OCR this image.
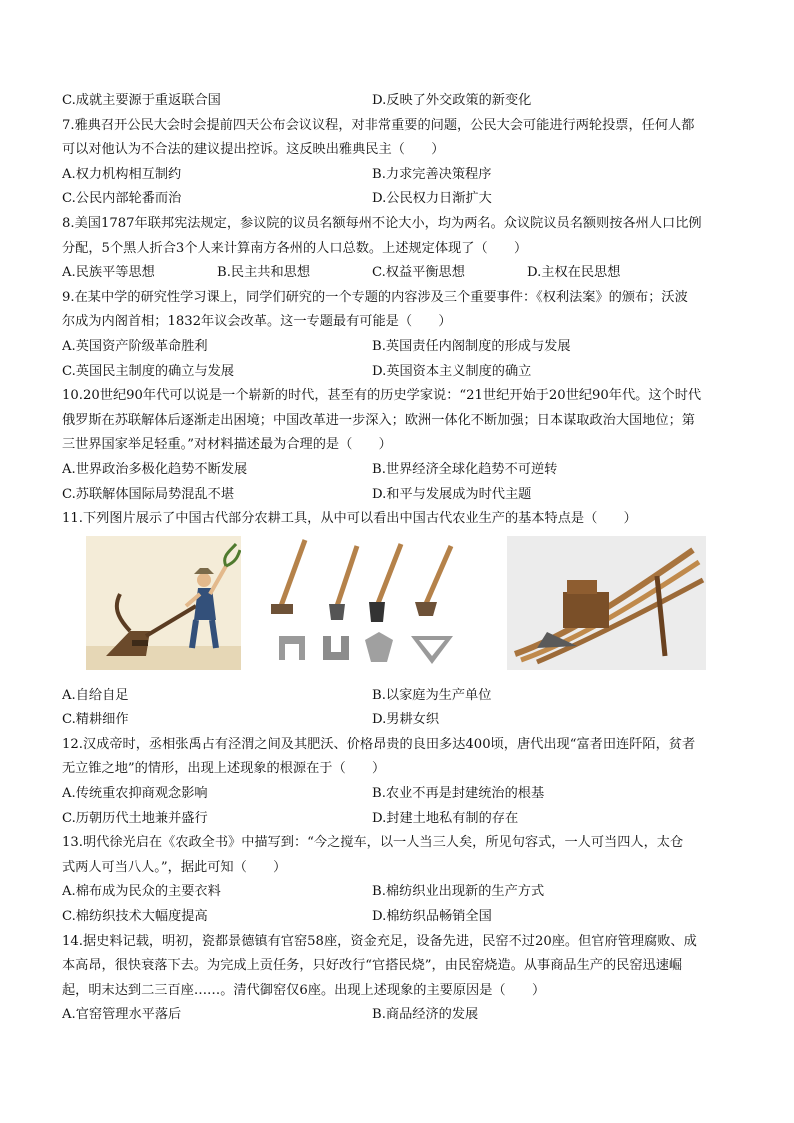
C.成就主要源于重返联合国	D.反映了外交政策的新变化
7.雅典召开公民大会时会提前四天公布会议议程，对非常重要的问题，公民大会可能进行两轮投票，任何人都
可以对他认为不合法的建议提出控诉。这反映出雅典民主（　　）
A.权力机构相互制约	B.力求完善决策程序
C.公民内部轮番而治	D.公民权力日渐扩大
8.美国1787年联邦宪法规定，参议院的议员名额每州不论大小，均为两名。众议院议员名额则按各州人口比例
分配，5个黑人折合3个人来计算南方各州的人口总数。上述规定体现了（　　）
A.民族平等思想	B.民主共和思想	C.权益平衡思想	D.主权在民思想
9.在某中学的研究性学习课上，同学们研究的一个专题的内容涉及三个重要事件：《权利法案》的颁布；沃波
尔成为内阁首相；1832年议会改革。这一专题最有可能是（　　）
A.英国资产阶级革命胜利	B.英国责任内阁制度的形成与发展
C.英国民主制度的确立与发展	D.英国资本主义制度的确立
10.20世纪90年代可以说是一个崭新的时代，甚至有的历史学家说：“21世纪开始于20世纪90年代。这个时代
俄罗斯在苏联解体后逐渐走出困境；中国改革进一步深入；欧洲一体化不断加强；日本谋取政治大国地位；第
三世界国家举足轻重。”对材料描述最为合理的是（　　）
A.世界政治多极化趋势不断发展	B.世界经济全球化趋势不可逆转
C.苏联解体国际局势混乱不堪	D.和平与发展成为时代主题
11.下列图片展示了中国古代部分农耕工具，从中可以看出中国古代农业生产的基本特点是（　　）
A.自给自足	B.以家庭为生产单位
C.精耕细作	D.男耕女织
12.汉成帝时，丞相张禹占有泾渭之间及其肥沃、价格昂贵的良田多达400顷，唐代出现“富者田连阡陌，贫者
无立锥之地”的情形，出现上述现象的根源在于（　　）
A.传统重农抑商观念影响	B.农业不再是封建统治的根基
C.历朝历代土地兼并盛行	D.封建土地私有制的存在
13.明代徐光启在《农政全书》中描写到：“今之搅车，以一人当三人矣，所见句容式，一人可当四人，太仓
式两人可当八人。”，据此可知（　　）
A.棉布成为民众的主要衣料	B.棉纺织业出现新的生产方式
C.棉纺织技术大幅度提高	D.棉纺织品畅销全国
14.据史料记载，明初，瓷都景德镇有官窑58座，资金充足，设备先进，民窑不过20座。但官府管理腐败、成
本高昂，很快衰落下去。为完成上贡任务，只好改行“官搭民烧”，由民窑烧造。从事商品生产的民窑迅速崛
起，明末达到二三百座……。清代御窑仅6座。出现上述现象的主要原因是（　　）
A.官窑管理水平落后	B.商品经济的发展
